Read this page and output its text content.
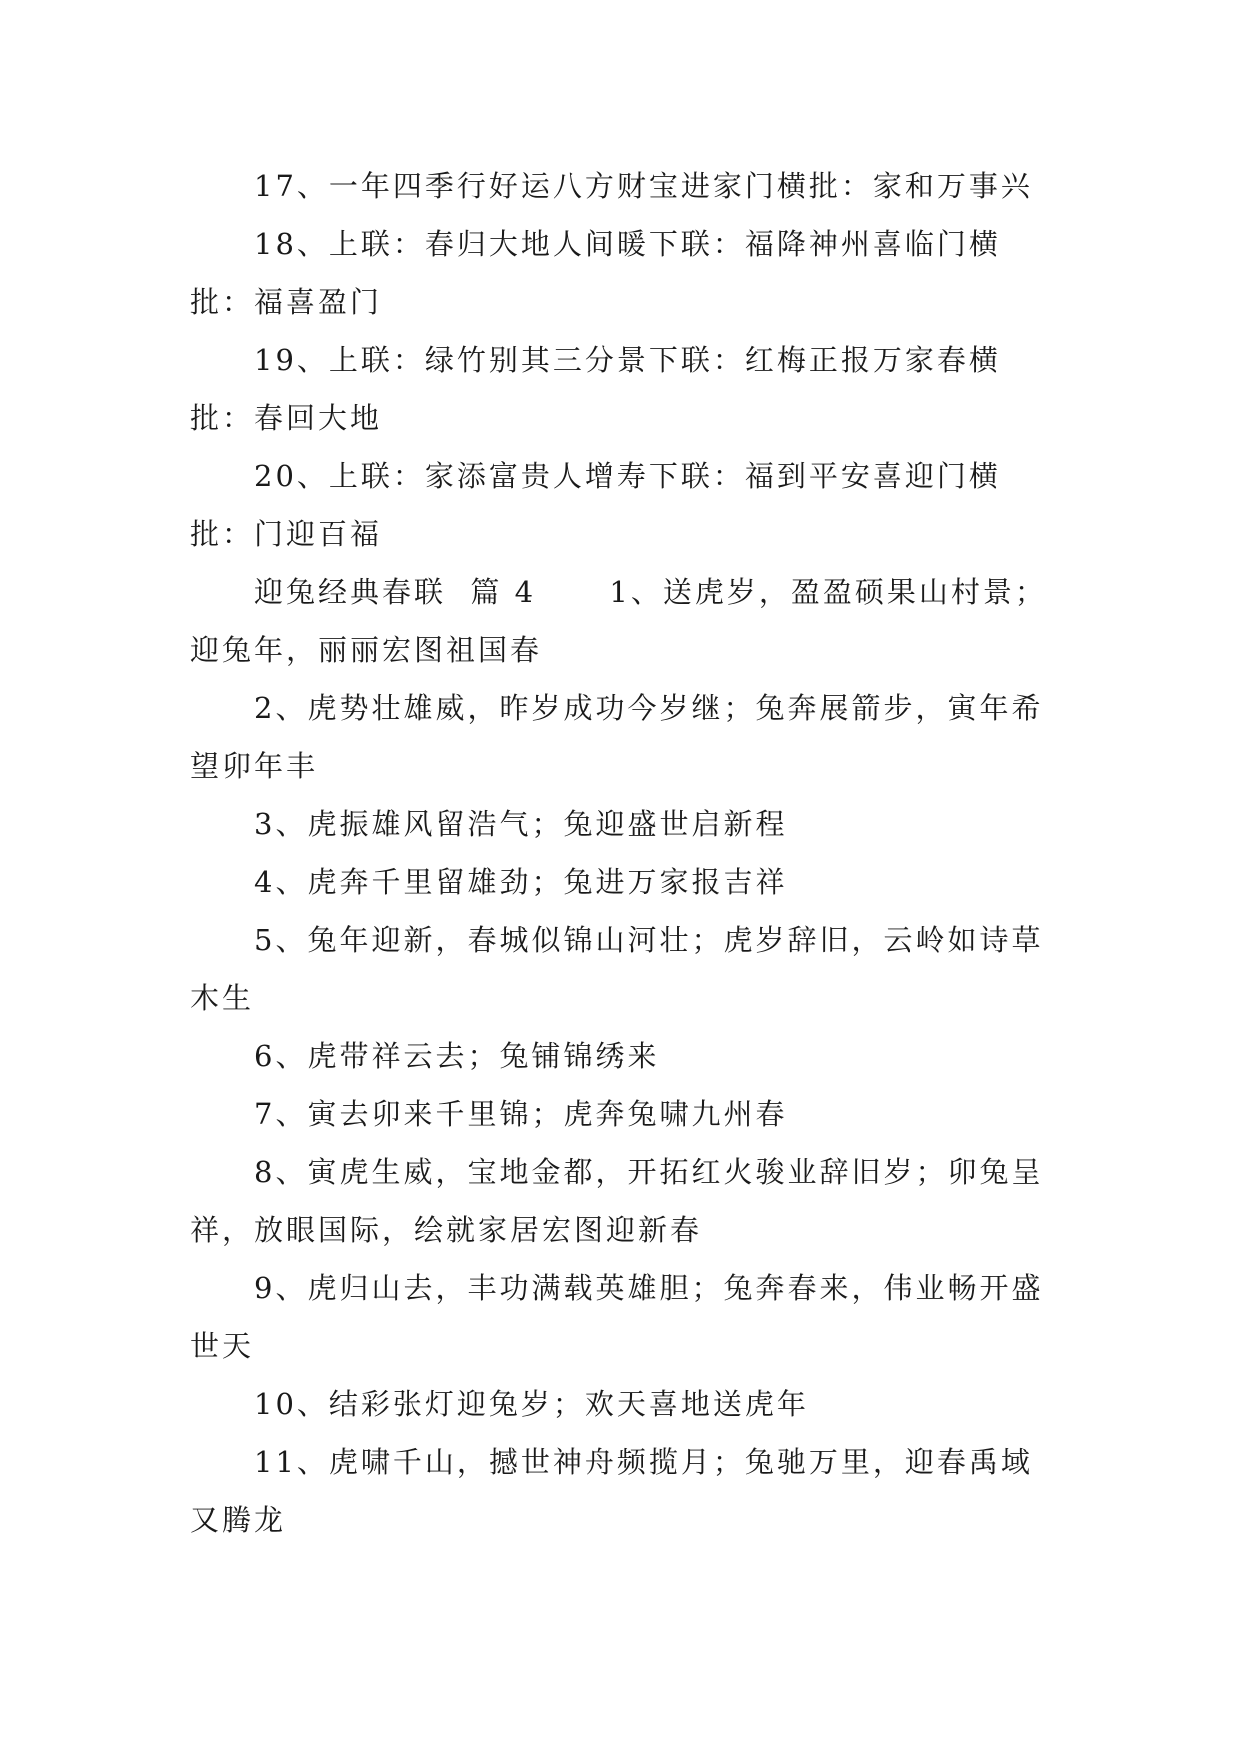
17、一年四季行好运八方财宝进家门横批：家和万事兴

18、上联：春归大地人间暖下联：福降神州喜临门横批：福喜盈门

19、上联：绿竹别其三分景下联：红梅正报万家春横批：春回大地

20、上联：家添富贵人增寿下联：福到平安喜迎门横批：门迎百福

迎兔经典春联  篇 4      1、送虎岁，盈盈硕果山村景；迎兔年，丽丽宏图祖国春

2、虎势壮雄威，昨岁成功今岁继；兔奔展箭步，寅年希望卯年丰

3、虎振雄风留浩气；兔迎盛世启新程

4、虎奔千里留雄劲；兔进万家报吉祥

5、兔年迎新，春城似锦山河壮；虎岁辞旧，云岭如诗草木生

6、虎带祥云去；兔铺锦绣来

7、寅去卯来千里锦；虎奔兔啸九州春

8、寅虎生威，宝地金都，开拓红火骏业辞旧岁；卯兔呈祥，放眼国际，绘就家居宏图迎新春

9、虎归山去，丰功满载英雄胆；兔奔春来，伟业畅开盛世天

10、结彩张灯迎兔岁；欢天喜地送虎年

11、虎啸千山，撼世神舟频揽月；兔驰万里，迎春禹域又腾龙
